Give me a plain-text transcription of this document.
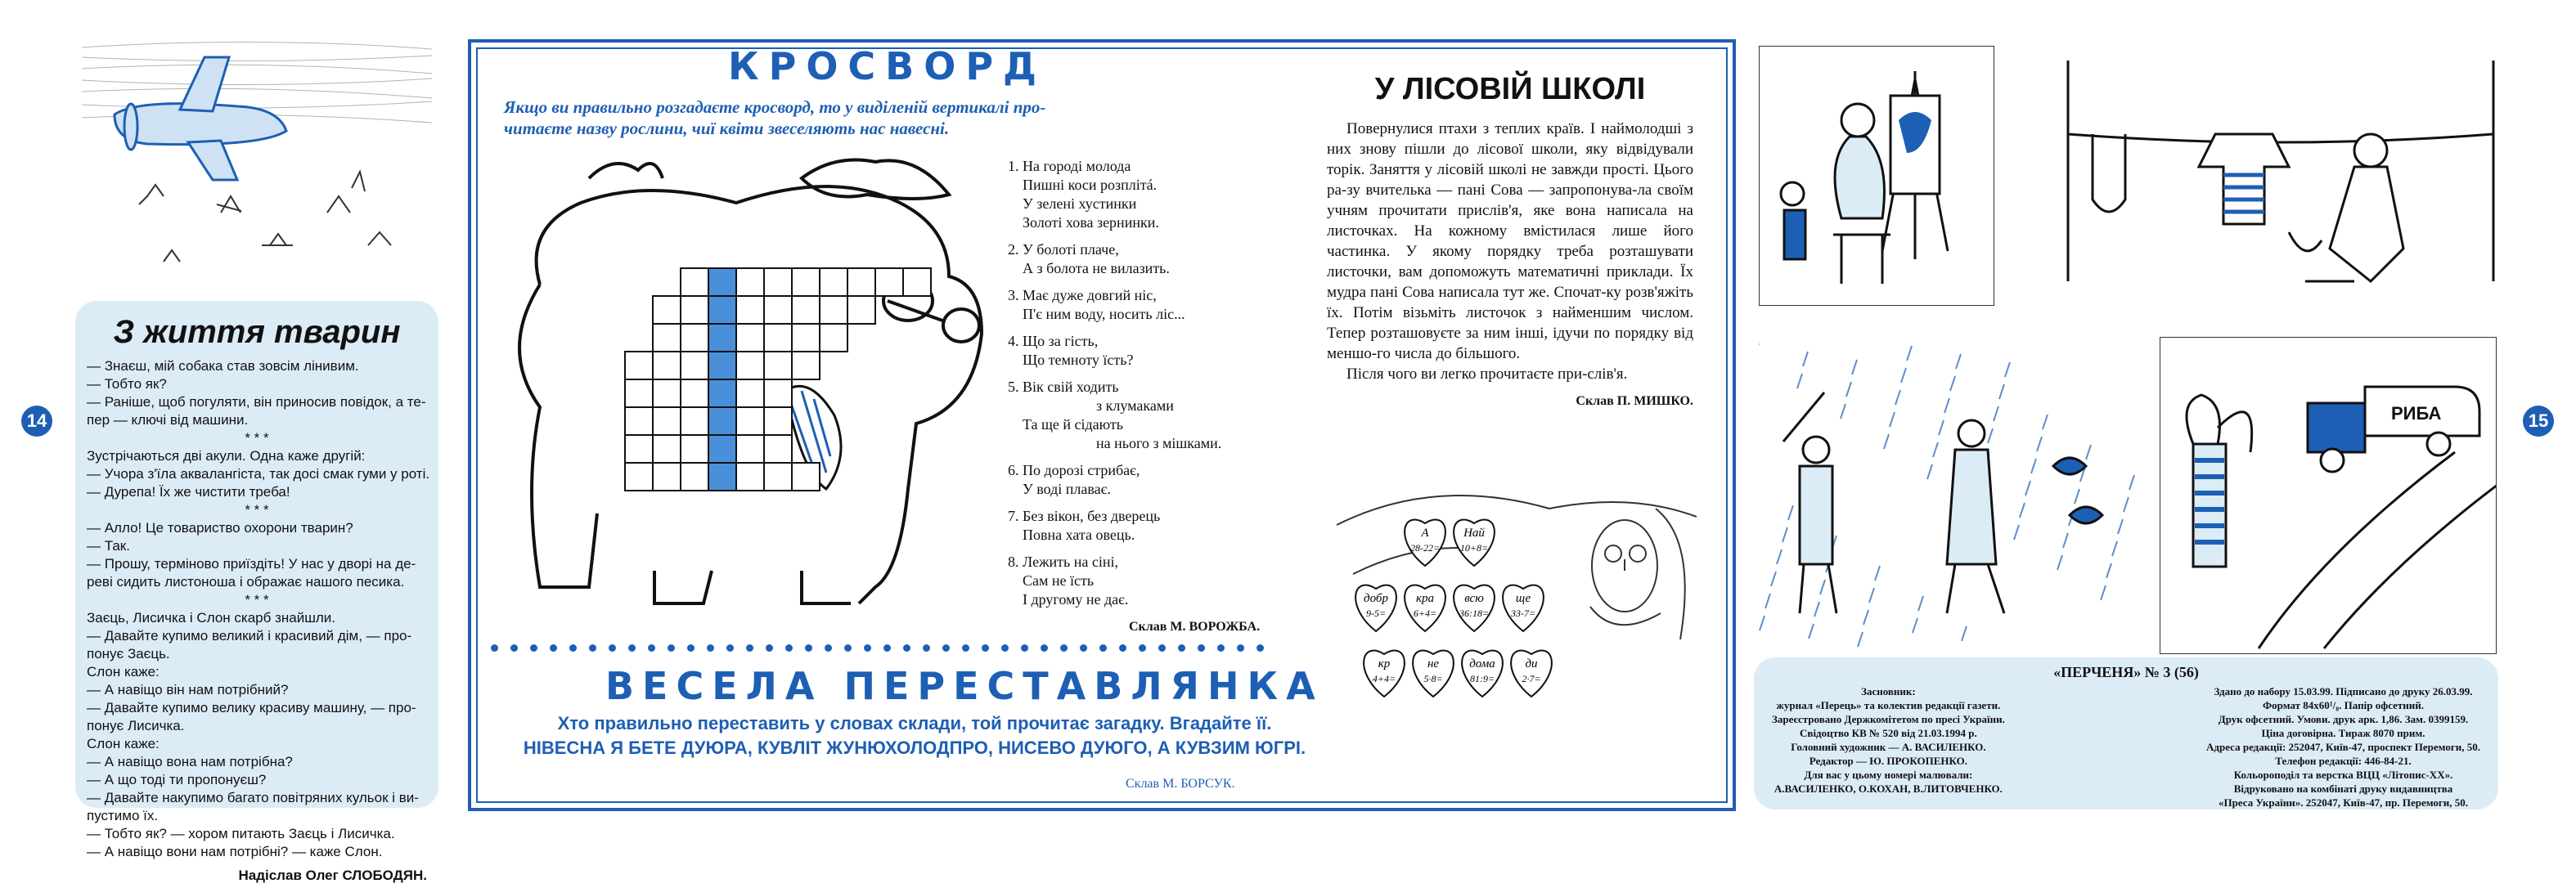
14	15
З життя тварин
— Знаєш, мій собака став зовсім лінивим.
— Тобто як?
— Раніше, щоб погуляти, він приносив повідок, а те-
пер — ключі від машини.
* * *
Зустрічаються дві акули. Одна каже другій:
— Учора з'їла аквалангіста, так досі смак гуми у роті.
— Дурепа! Їх же чистити треба!
* * *
— Алло! Це товариство охорони тварин?
— Так.
— Прошу, терміново приїздіть! У нас у дворі на де-
реві сидить листоноша і ображає нашого песика.
* * *
Заєць, Лисичка і Слон скарб знайшли.
— Давайте купимо великий і красивий дім, — про-
понує Заєць.
Слон каже:
— А навіщо він нам потрібний?
— Давайте купимо велику красиву машину, — про-
понує Лисичка.
Слон каже:
— А навіщо вона нам потрібна?
— А що тоді ти пропонуєш?
— Давайте накупимо багато повітряних кульок і ви-
пустимо їх.
— Тобто як? — хором питають Заєць і Лисичка.
— А навіщо вони нам потрібні? — каже Слон.
Надіслав Олег СЛОБОДЯН.
КРОСВОРД
Якщо ви правильно розгадаєте кросворд, то у виділеній вертикалі про-
читаєте назву рослини, чиї квіти звеселяють нас навесні.
1. На городі молода
Пишні коси розплітá.
У зеленi хустинки
Золоті хова зернинки.
2. У болоті плаче,
А з болота не вилазить.
3. Має дуже довгий ніс,
П'є ним воду, носить ліс...
4. Що за гість,
Що темноту їсть?
5. Вік свій ходить
з клумаками
Та ще й сідають
на нього з мішками.
6. По дорозі стрибає,
У воді плаває.
7. Без вікон, без дверець
Повна хата овець.
8. Лежить на сіні,
Сам не їсть
І другому не дає.
Склав М. ВОРОЖБА.
ВЕСЕЛА ПЕРЕСТАВЛЯНКА
Хто правильно переставить у словах склади, той прочитає загадку. Вгадайте її.
НІВЕСНА Я БЕТЕ ДУЮРА, КУВЛІТ ЖУНЮХОЛОДПРО, НИСЕВО ДУЮГО, А КУВЗИМ ЮГРІ.
Склав М. БОРСУК.
У ЛІСОВІЙ ШКОЛІ
Повернулися птахи з теплих країв. І наймолодші з них знову пішли до лісової школи, яку відвідували торік. Заняття у лісовій школі не завжди прості. Цього ра-зу вчителька — пані Сова — запропонува-ла своїм учням прочитати прислів'я, яке вона написала на листочках. На кожному вмістилася лише його частинка. У якому порядку треба розташувати листочки, вам допоможуть математичні приклади. Їх мудра пані Сова написала тут же. Спочат-ку розв'яжіть їх. Потім візьміть листочок з найменшим числом. Тепер розташовуєте за ним інші, ідучи по порядку від меншо-го числа до більшого.
Після чого ви легко прочитаєте при-слів'я.
Склав П. МИШКО.
А
28-22=
Най
10+8=
добр
9-5=
кра
6+4=
всю
36:18=
ще
33-7=
кр
4+4=
не
5·8=
дома
81:9=
ди
2·7=
РИБА
«ПЕРЧЕНЯ» № 3 (56)
Засновник:
журнал «Перець» та колектив редакції газети.
Зареєстровано Держкомітетом по пресі України.
Свідоцтво КВ № 520 від 21.03.1994 р.
Головний художник — А. ВАСИЛЕНКО.
Редактор — Ю. ПРОКОПЕНКО.
Для вас у цьому номері малювали:
А.ВАСИЛЕНКО, О.КОХАН, В.ЛИТОВЧЕНКО.
Здано до набору 15.03.99. Підписано до друку 26.03.99.
Формат 84x60¹/₈. Папір офсетний.
Друк офсетний. Умови. друк арк. 1,86. Зам. 0399159.
Ціна договірна. Тираж 8070 прим.
Адреса редакції: 252047, Київ-47, проспект Перемоги, 50.
Телефон редакції: 446-84-21.
Кольороподіл та верстка ВЦЦ «Літопис-XX».
Відруковано на комбінаті друку видавництва
«Преса України». 252047, Київ-47, пр. Перемоги, 50.
